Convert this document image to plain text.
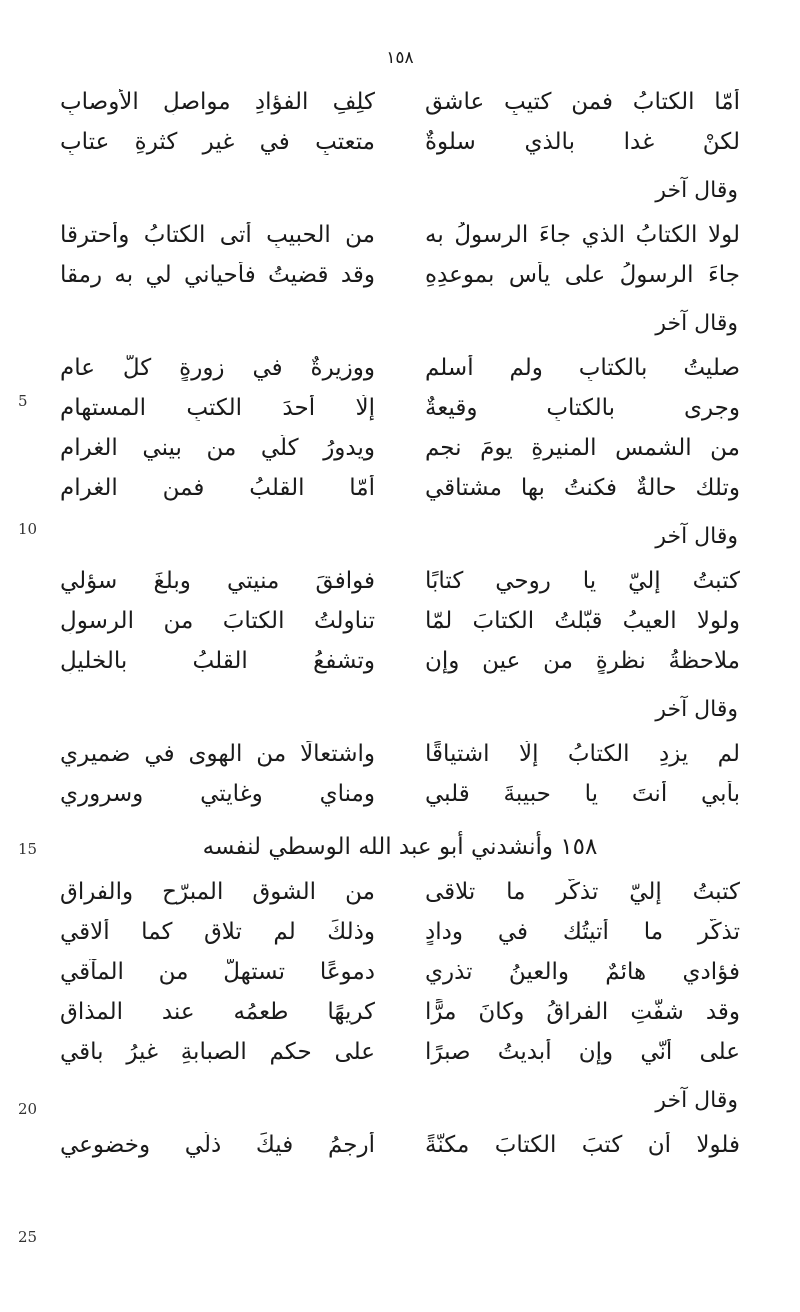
١٥٨
أمّا الكتابُ فمن كتيبٍ عاشقٍ
كلِفِ الفؤادِ مواصلِ الأوصابِ
لكنْ غدا بالذي سلوةٌ
متعتبٍ في غيرِ كثرةِ عتابِ
وقال آخر
لولا الكتابُ الذي جاءَ الرسولُ به
من الحبيبِ أتى الكتابُ وأحترقا
جاءَ الرسولُ على يأسٍ بموعدِهِ
وقد قضيتُ فأحياني لي به رمقا
وقال آخر
صليتُ بالكتابِ ولم أسلمِ
ووزيرةٌ في زورةٍ كلّ عامِ
وجرى بالكتابِ وقيعةٌ
إلّا أحدَ الكتبِ المستهامِ
من الشمسِ المنيرةِ يومَ نجمٍ
ويدورُ كلّي من بيني الغرامِ
وتلك حالةٌ فكنتُ بها مشتاقي
أمّا القلبُ فمن الغرامِ
وقال آخر
كتبتُ إليّ يا روحي كتابًا
فوافقَ منيتي وبلغَ سؤلي
ولولا العيبُ قبّلتُ الكتابَ لمّا
تناولتُ الكتابَ من الرسولِ
ملاحظةُ نظرةٍ من عينٍ وإن
وتشفعُ القلبُ بالخليلِ
وقال آخر
لم يزدِ الكتابُ إلّا اشتياقًا
واشتعالًا من الهوى في ضميري
بأبي أنتَ يا حبيبةَ قلبي
ومناي وغايتي وسروري
١٥٨ وأنشدني أبو عبد الله الوسطي لنفسه
كتبتُ إليّ تذكّر ما تلاقى
من الشوقِ المبرّحِ والفراقِ
تذكّر ما أتيتُك في ودادٍ
وذلكَ لم تلاقِ كما ألاقي
فؤادي هائمٌ والعينُ تذري
دموعًا تستهلُّ من المآقي
وقد شفّتِ الفراقُ وكانَ مرًّا
كريهًا طعمُه عند المذاقِ
على أنّي وإن أبديتُ صبرًا
على حكمِ الصبابةِ غيرُ باقي
وقال آخر
فلولا أن كتبَ الكتابَ مكنّةً
أرجمُ فيكَ ذلّي وخضوعي
5
10
15
20
25
